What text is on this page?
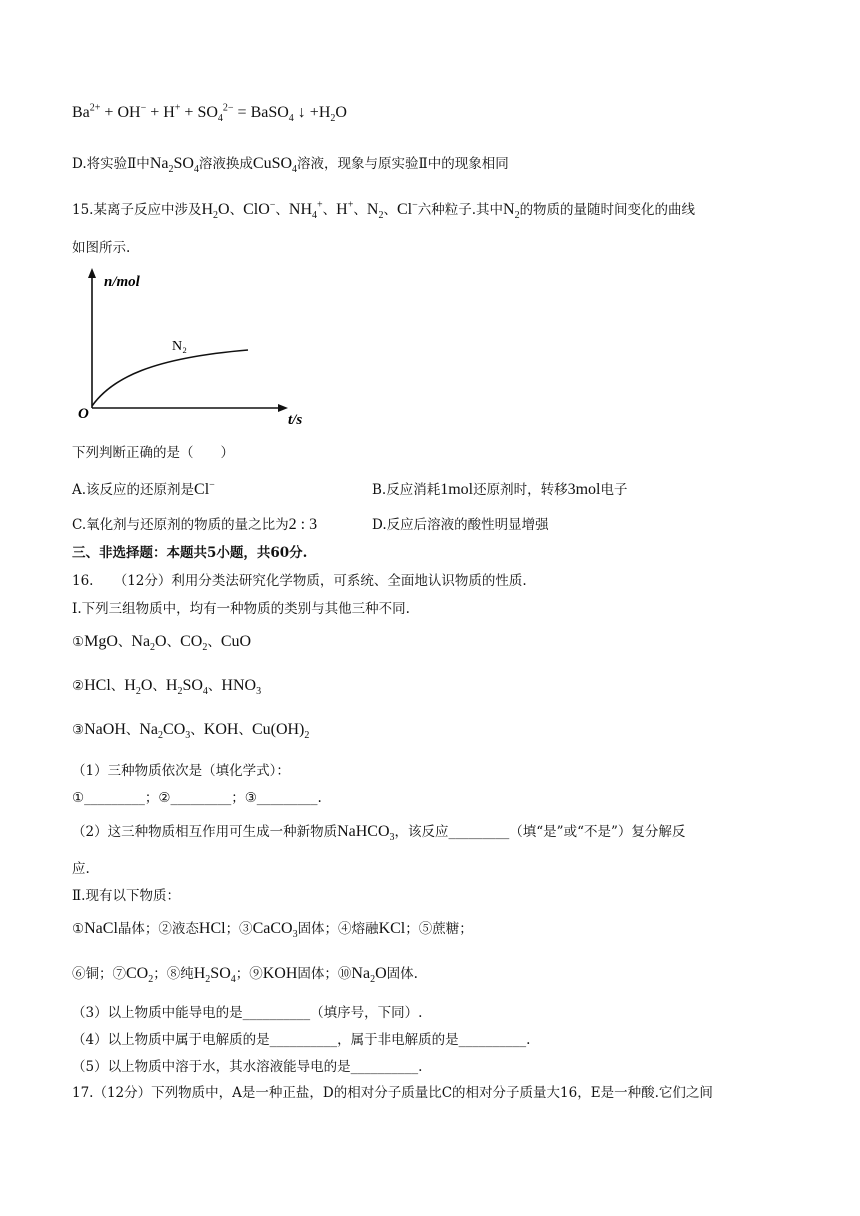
$Ba^{2+} + OH^- + H^+ + SO_4^{2-}$ = BaSO$_4$ ↓ $+H_2O$
D.将实验Ⅱ中$Na_2SO_4$溶液换成CuSO$_4$溶液，现象与原实验Ⅱ中的现象相同
15.某离子反应中涉及$H_2O$、ClO−、$NH_4^+$、H+、$N_2$、Cl−六种粒子.其中$N_2$的物质的量随时间变化的曲线
如图所示.
n/mol
t/s
O
N₂
下列判断正确的是（　　）
A.该反应的还原剂是Cl−	B.反应消耗1mol还原剂时，转移3mol电子
C.氧化剂与还原剂的物质的量之比为2 : 3	D.反应后溶液的酸性明显增强
三、非选择题：本题共5小题，共60分.
16.　　（12分）利用分类法研究化学物质，可系统、全面地认识物质的性质.
Ⅰ.下列三组物质中，均有一种物质的类别与其他三种不同.
①MgO、$Na_2O$、$CO_2$、CuO
②HCl、$H_2O$、$H_2SO_4$、$HNO_3$
③NaOH、$Na_2CO_3$、KOH、$Cu(OH)_2$
（1）三种物质依次是（填化学式）：
①_________；②_________；③_________.
（2）这三种物质相互作用可生成一种新物质NaHCO$_3$，该反应_________（填“是”或“不是”）复分解反
应.
Ⅱ.现有以下物质：
①NaCl晶体；②液态HCl；③CaCO$_3$固体；④熔融KCl；⑤蔗糖；
⑥铜；$⑦CO_2$；⑧纯$H_2SO_4$；⑨KOH固体；$⑩Na_2O$固体.
（3）以上物质中能导电的是__________（填序号，下同）.
（4）以上物质中属于电解质的是__________，属于非电解质的是__________.
（5）以上物质中溶于水，其水溶液能导电的是__________.
17.（12分）下列物质中，A是一种正盐，D的相对分子质量比C的相对分子质量大16，E是一种酸.它们之间
